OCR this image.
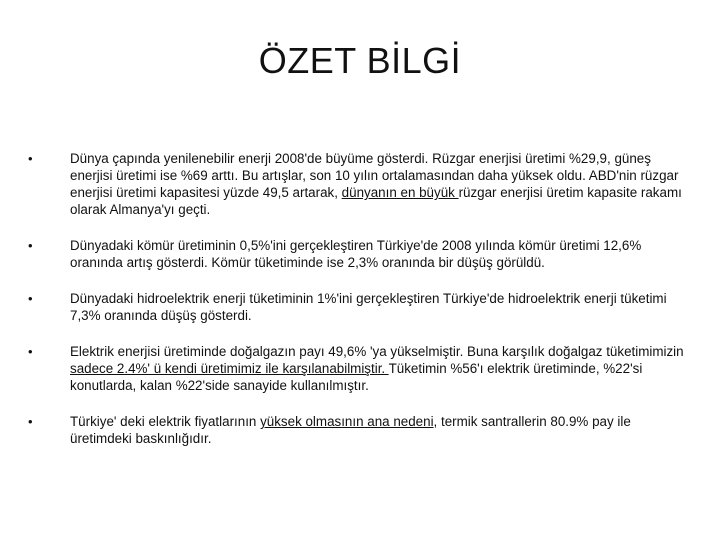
ÖZET BİLGİ
•	Dünya çapında yenilenebilir enerji 2008'de büyüme gösterdi. Rüzgar enerjisi üretimi %29,9, güneş enerjisi üretimi ise %69 arttı. Bu artışlar, son 10 yılın ortalamasından daha yüksek oldu. ABD'nin rüzgar enerjisi üretimi kapasitesi yüzde 49,5 artarak, dünyanın en büyük rüzgar enerjisi üretim kapasite rakamı olarak Almanya'yı geçti.
•	Dünyadaki kömür üretiminin 0,5%'ini gerçekleştiren Türkiye'de 2008 yılında kömür üretimi 12,6% oranında artış gösterdi. Kömür tüketiminde ise 2,3% oranında bir düşüş görüldü.
•	Dünyadaki hidroelektrik enerji tüketiminin 1%'ini gerçekleştiren Türkiye'de hidroelektrik enerji tüketimi 7,3% oranında düşüş gösterdi.
•	Elektrik enerjisi üretiminde doğalgazın payı 49,6% 'ya yükselmiştir. Buna karşılık doğalgaz tüketimimizin sadece 2.4%' ü kendi üretimimiz ile karşılanabilmiştir. Tüketimin %56'ı elektrik üretiminde, %22'si konutlarda, kalan %22'side sanayide kullanılmıştır.
•	Türkiye' deki elektrik fiyatlarının yüksek olmasının ana nedeni, termik santrallerin 80.9% pay ile üretimdeki baskınlığıdır.
